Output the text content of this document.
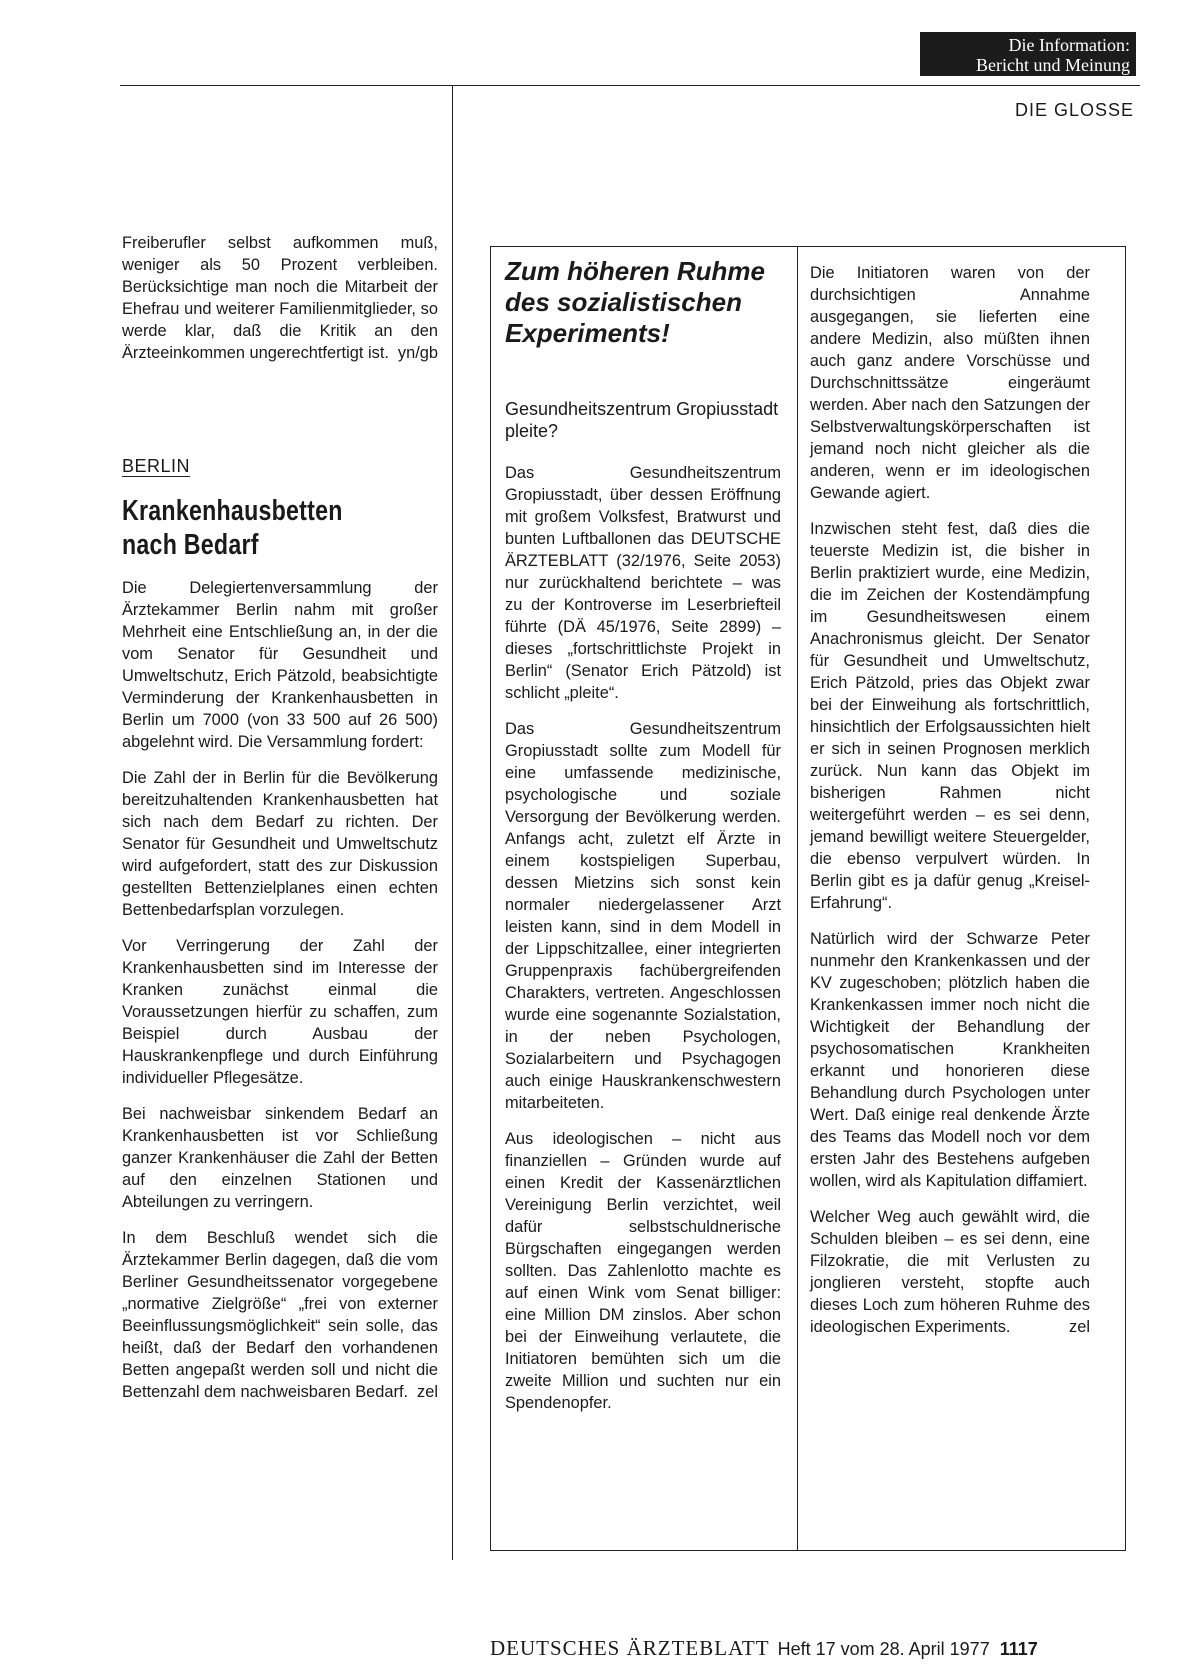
Die Information:
Bericht und Meinung
DIE GLOSSE

Freiberufler selbst aufkommen muß, weniger als 50 Prozent verbleiben. Berücksichtige man noch die Mitarbeit der Ehefrau und weiterer Familienmitglieder, so werde klar, daß die Kritik an den Ärzteeinkommen ungerechtfertigt ist. yn/gb

BERLIN
Krankenhausbetten nach Bedarf

Die Delegiertenversammlung der Ärztekammer Berlin nahm mit großer Mehrheit eine Entschließung an, in der die vom Senator für Gesundheit und Umweltschutz, Erich Pätzold, beabsichtigte Verminderung der Krankenhausbetten in Berlin um 7000 (von 33 500 auf 26 500) abgelehnt wird. Die Versammlung fordert:

Die Zahl der in Berlin für die Bevölkerung bereitzuhaltenden Krankenhausbetten hat sich nach dem Bedarf zu richten. Der Senator für Gesundheit und Umweltschutz wird aufgefordert, statt des zur Diskussion gestellten Bettenzielplanes einen echten Bettenbedarfsplan vorzulegen.

Vor Verringerung der Zahl der Krankenhausbetten sind im Interesse der Kranken zunächst einmal die Voraussetzungen hierfür zu schaffen, zum Beispiel durch Ausbau der Hauskrankenpflege und durch Einführung individueller Pflegesätze.

Bei nachweisbar sinkendem Bedarf an Krankenhausbetten ist vor Schließung ganzer Krankenhäuser die Zahl der Betten auf den einzelnen Stationen und Abteilungen zu verringern.

In dem Beschluß wendet sich die Ärztekammer Berlin dagegen, daß die vom Berliner Gesundheitssenator vorgegebene „normative Zielgröße“ „frei von externer Beeinflussungsmöglichkeit“ sein solle, das heißt, daß der Bedarf den vorhandenen Betten angepaßt werden soll und nicht die Bettenzahl dem nachweisbaren Bedarf. zel

Zum höheren Ruhme des sozialistischen Experiments!
Gesundheitszentrum Gropiusstadt pleite?

Das Gesundheitszentrum Gropiusstadt, über dessen Eröffnung mit großem Volksfest, Bratwurst und bunten Luftballonen das DEUTSCHE ÄRZTEBLATT (32/1976, Seite 2053) nur zurückhaltend berichtete – was zu der Kontroverse im Leserbriefteil führte (DÄ 45/1976, Seite 2899) – dieses „fortschrittlichste Projekt in Berlin“ (Senator Erich Pätzold) ist schlicht „pleite“.

Das Gesundheitszentrum Gropiusstadt sollte zum Modell für eine umfassende medizinische, psychologische und soziale Versorgung der Bevölkerung werden. Anfangs acht, zuletzt elf Ärzte in einem kostspieligen Superbau, dessen Mietzins sich sonst kein normaler niedergelassener Arzt leisten kann, sind in dem Modell in der Lippschitzallee, einer integrierten Gruppenpraxis fachübergreifenden Charakters, vertreten. Angeschlossen wurde eine sogenannte Sozialstation, in der neben Psychologen, Sozialarbeitern und Psychagogen auch einige Hauskrankenschwestern mitarbeiteten.

Aus ideologischen – nicht aus finanziellen – Gründen wurde auf einen Kredit der Kassenärztlichen Vereinigung Berlin verzichtet, weil dafür selbstschuldnerische Bürgschaften eingegangen werden sollten. Das Zahlenlotto machte es auf einen Wink vom Senat billiger: eine Million DM zinslos. Aber schon bei der Einweihung verlautete, die Initiatoren bemühten sich um die zweite Million und suchten nur ein Spendenopfer.

Die Initiatoren waren von der durchsichtigen Annahme ausgegangen, sie lieferten eine andere Medizin, also müßten ihnen auch ganz andere Vorschüsse und Durchschnittssätze eingeräumt werden. Aber nach den Satzungen der Selbstverwaltungskörperschaften ist jemand noch nicht gleicher als die anderen, wenn er im ideologischen Gewande agiert.

Inzwischen steht fest, daß dies die teuerste Medizin ist, die bisher in Berlin praktiziert wurde, eine Medizin, die im Zeichen der Kostendämpfung im Gesundheitswesen einem Anachronismus gleicht. Der Senator für Gesundheit und Umweltschutz, Erich Pätzold, pries das Objekt zwar bei der Einweihung als fortschrittlich, hinsichtlich der Erfolgsaussichten hielt er sich in seinen Prognosen merklich zurück. Nun kann das Objekt im bisherigen Rahmen nicht weitergeführt werden – es sei denn, jemand bewilligt weitere Steuergelder, die ebenso verpulvert würden. In Berlin gibt es ja dafür genug „Kreisel-Erfahrung“.

Natürlich wird der Schwarze Peter nunmehr den Krankenkassen und der KV zugeschoben; plötzlich haben die Krankenkassen immer noch nicht die Wichtigkeit der Behandlung der psychosomatischen Krankheiten erkannt und honorieren diese Behandlung durch Psychologen unter Wert. Daß einige real denkende Ärzte des Teams das Modell noch vor dem ersten Jahr des Bestehens aufgeben wollen, wird als Kapitulation diffamiert.

Welcher Weg auch gewählt wird, die Schulden bleiben – es sei denn, eine Filzokratie, die mit Verlusten zu jonglieren versteht, stopfte auch dieses Loch zum höheren Ruhme des ideologischen Experiments.	zel

DEUTSCHES ÄRZTEBLATT Heft 17 vom 28. April 1977 1117
